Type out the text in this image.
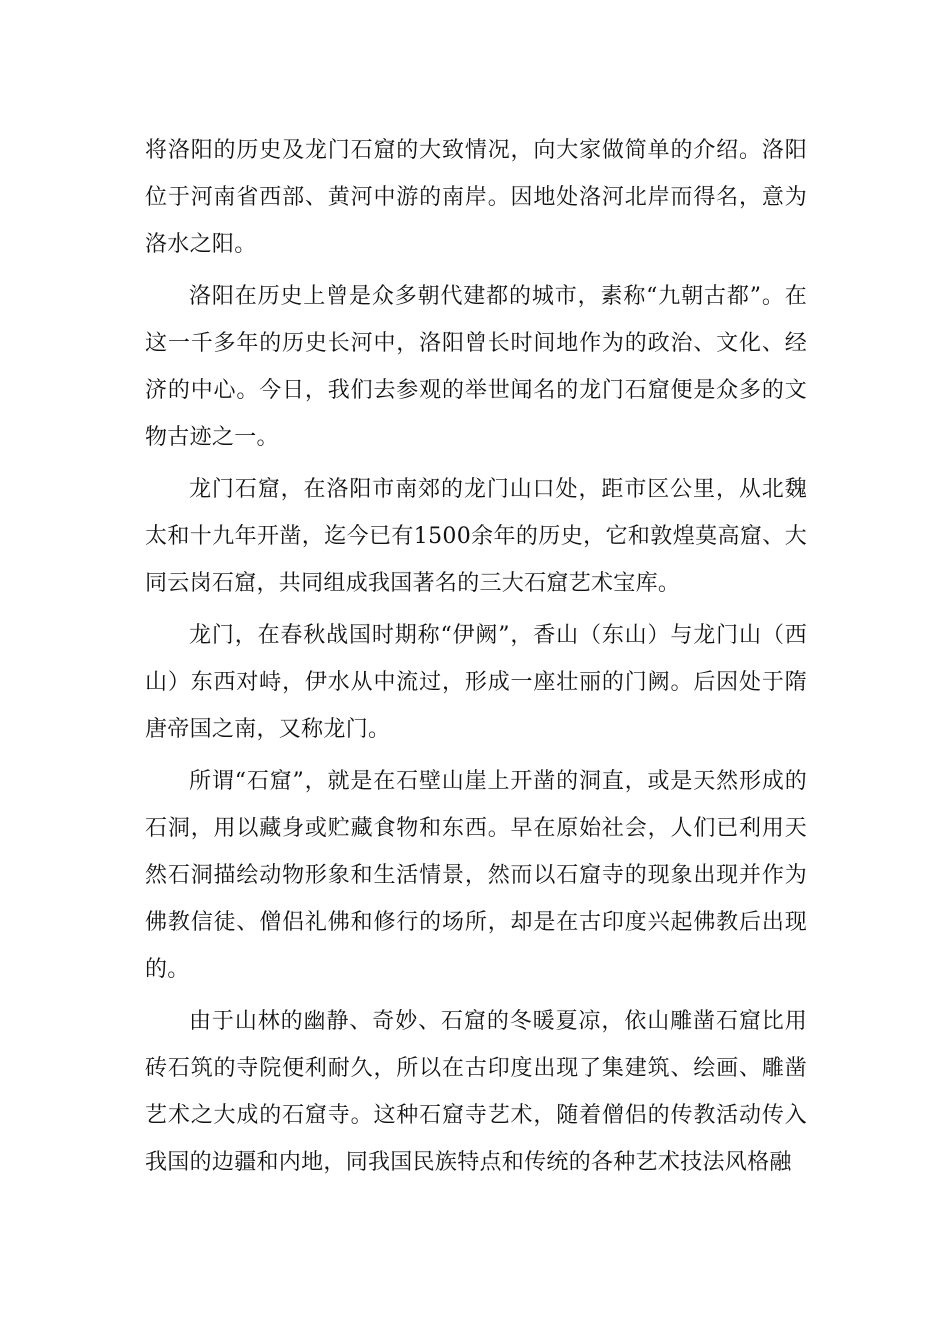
将洛阳的历史及龙门石窟的大致情况，向大家做简单的介绍。洛阳位于河南省西部、黄河中游的南岸。因地处洛河北岸而得名，意为洛水之阳。

洛阳在历史上曾是众多朝代建都的城市，素称“九朝古都”。在这一千多年的历史长河中，洛阳曾长时间地作为的政治、文化、经济的中心。今日，我们去参观的举世闻名的龙门石窟便是众多的文物古迹之一。

龙门石窟，在洛阳市南郊的龙门山口处，距市区公里，从北魏太和十九年开凿，迄今已有1500余年的历史，它和敦煌莫高窟、大同云岗石窟，共同组成我国著名的三大石窟艺术宝库。

龙门，在春秋战国时期称“伊阙”，香山（东山）与龙门山（西山）东西对峙，伊水从中流过，形成一座壮丽的门阙。后因处于隋唐帝国之南，又称龙门。

所谓“石窟”，就是在石壁山崖上开凿的洞直，或是天然形成的石洞，用以藏身或贮藏食物和东西。早在原始社会，人们已利用天然石洞描绘动物形象和生活情景，然而以石窟寺的现象出现并作为佛教信徒、僧侣礼佛和修行的场所，却是在古印度兴起佛教后出现的。

由于山林的幽静、奇妙、石窟的冬暖夏凉，依山雕凿石窟比用砖石筑的寺院便利耐久，所以在古印度出现了集建筑、绘画、雕凿艺术之大成的石窟寺。这种石窟寺艺术，随着僧侣的传教活动传入我国的边疆和内地，同我国民族特点和传统的各种艺术技法风格融
